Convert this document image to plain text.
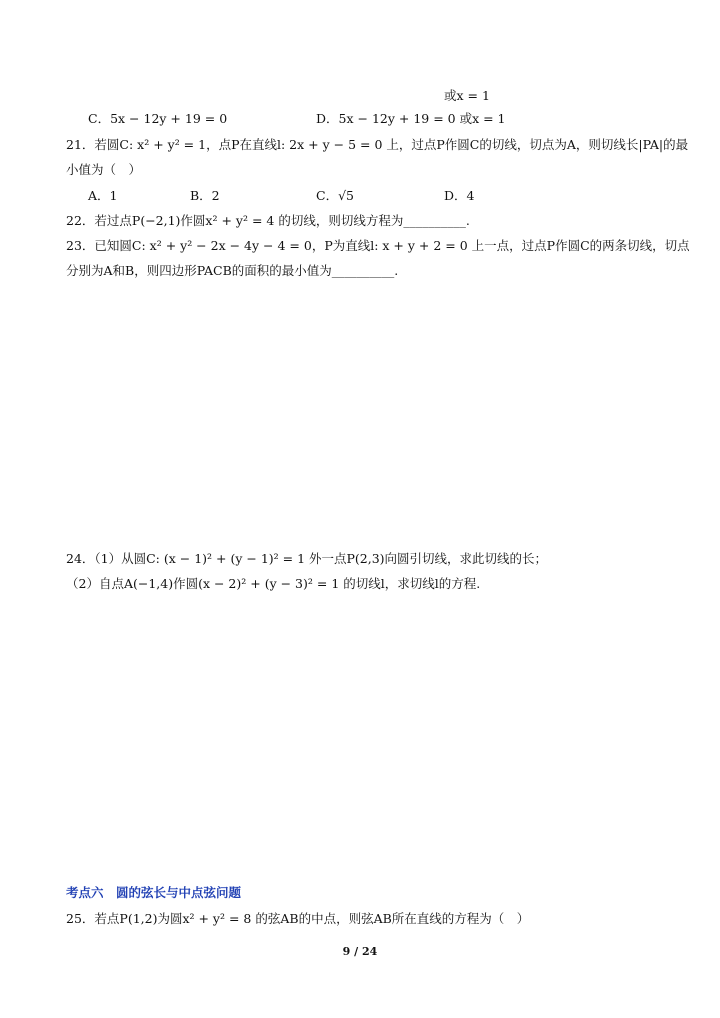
或x = 1
C．5x − 12y + 19 = 0	D．5x − 12y + 19 = 0 或x = 1
21．若圆C: x² + y² = 1，点P在直线l: 2x + y − 5 = 0 上，过点P作圆C的切线，切点为A，则切线长|PA|的最
小值为（　）
A．1	B．2	C．√5	D．4
22．若过点P(−2,1)作圆x² + y² = 4 的切线，则切线方程为__________.
23．已知圆C: x² + y² − 2x − 4y − 4 = 0，P为直线l: x + y + 2 = 0 上一点，过点P作圆C的两条切线，切点
分别为A和B，则四边形PACB的面积的最小值为__________.
24．（1）从圆C: (x − 1)² + (y − 1)² = 1 外一点P(2,3)向圆引切线，求此切线的长；
（2）自点A(−1,4)作圆(x − 2)² + (y − 3)² = 1 的切线l，求切线l的方程.
考点六　圆的弦长与中点弦问题
25．若点P(1,2)为圆x² + y² = 8 的弦AB的中点，则弦AB所在直线的方程为（　）
9 / 24
